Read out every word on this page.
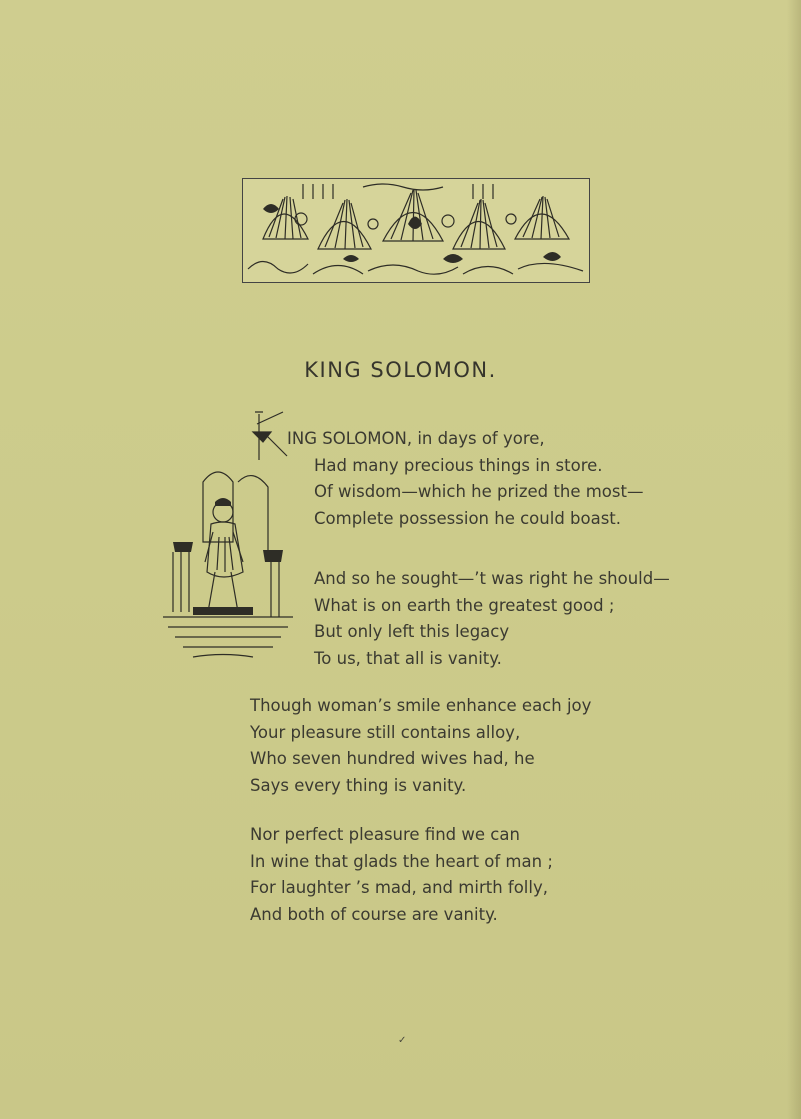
KING SOLOMON.
ING SOLOMON, in days of yore,
Had many precious things in store.
Of wisdom—which he prized the most—
Complete possession he could boast.
And so he sought—’t was right he should—
What is on earth the greatest good ;
But only left this legacy
To us, that all is vanity.
Though woman’s smile enhance each joy
Your pleasure still contains alloy,
Who seven hundred wives had, he
Says every thing is vanity.
Nor perfect pleasure find we can
In wine that glads the heart of man ;
For laughter ’s mad, and mirth folly,
And both of course are vanity.
✓
